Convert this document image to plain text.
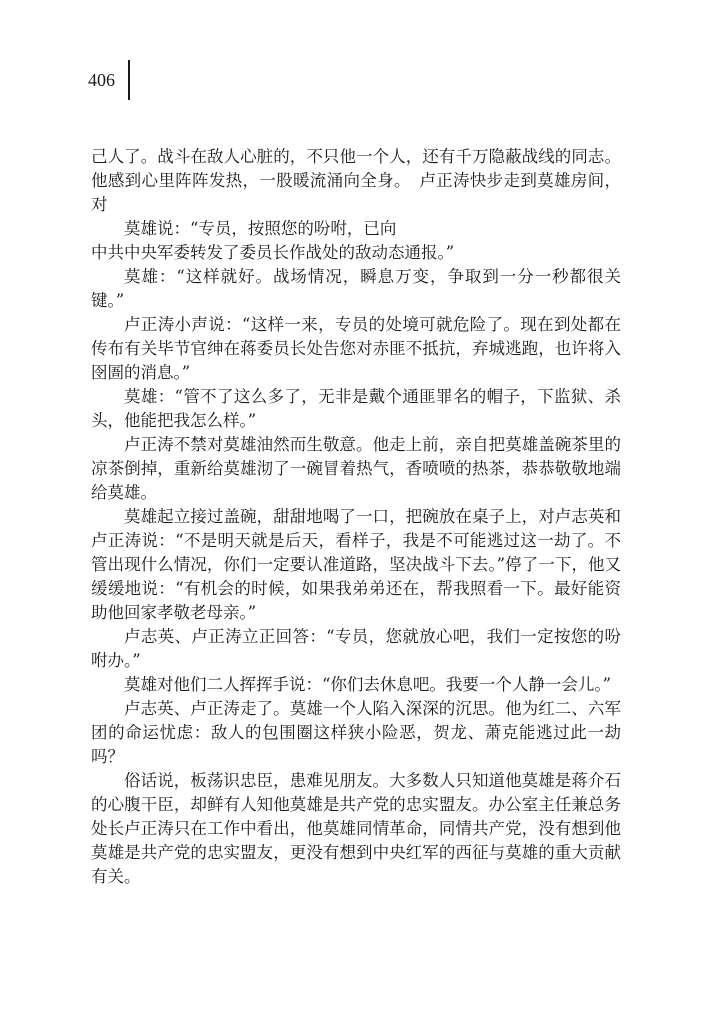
406

己人了。战斗在敌人心脏的，不只他一个人，还有千万隐蔽战线的同志。他感到心里阵阵发热，一股暖流涌向全身。　卢正涛快步走到莫雄房间，对

莫雄说：“专员，按照您的吩咐，已向

中共中央军委转发了委员长作战处的敌动态通报。”

莫雄：“这样就好。战场情况，瞬息万变，争取到一分一秒都很关键。”

卢正涛小声说：“这样一来，专员的处境可就危险了。现在到处都在传布有关毕节官绅在蒋委员长处告您对赤匪不抵抗，弃城逃跑，也许将入囹圄的消息。”

莫雄：“管不了这么多了，无非是戴个通匪罪名的帽子，下监狱、杀头，他能把我怎么样。”

卢正涛不禁对莫雄油然而生敬意。他走上前，亲自把莫雄盖碗茶里的凉茶倒掉，重新给莫雄沏了一碗冒着热气，香喷喷的热茶，恭恭敬敬地端给莫雄。

莫雄起立接过盖碗，甜甜地喝了一口，把碗放在桌子上，对卢志英和卢正涛说：“不是明天就是后天，看样子，我是不可能逃过这一劫了。不管出现什么情况，你们一定要认准道路，坚决战斗下去。”停了一下，他又缓缓地说：“有机会的时候，如果我弟弟还在，帮我照看一下。最好能资助他回家孝敬老母亲。”

卢志英、卢正涛立正回答：“专员，您就放心吧，我们一定按您的吩咐办。”

莫雄对他们二人挥挥手说：“你们去休息吧。我要一个人静一会儿。”

卢志英、卢正涛走了。莫雄一个人陷入深深的沉思。他为红二、六军团的命运忧虑：敌人的包围圈这样狭小险恶，贺龙、萧克能逃过此一劫吗？

俗话说，板荡识忠臣，患难见朋友。大多数人只知道他莫雄是蒋介石的心腹干臣，却鲜有人知他莫雄是共产党的忠实盟友。办公室主任兼总务处长卢正涛只在工作中看出，他莫雄同情革命，同情共产党，没有想到他莫雄是共产党的忠实盟友，更没有想到中央红军的西征与莫雄的重大贡献有关。
